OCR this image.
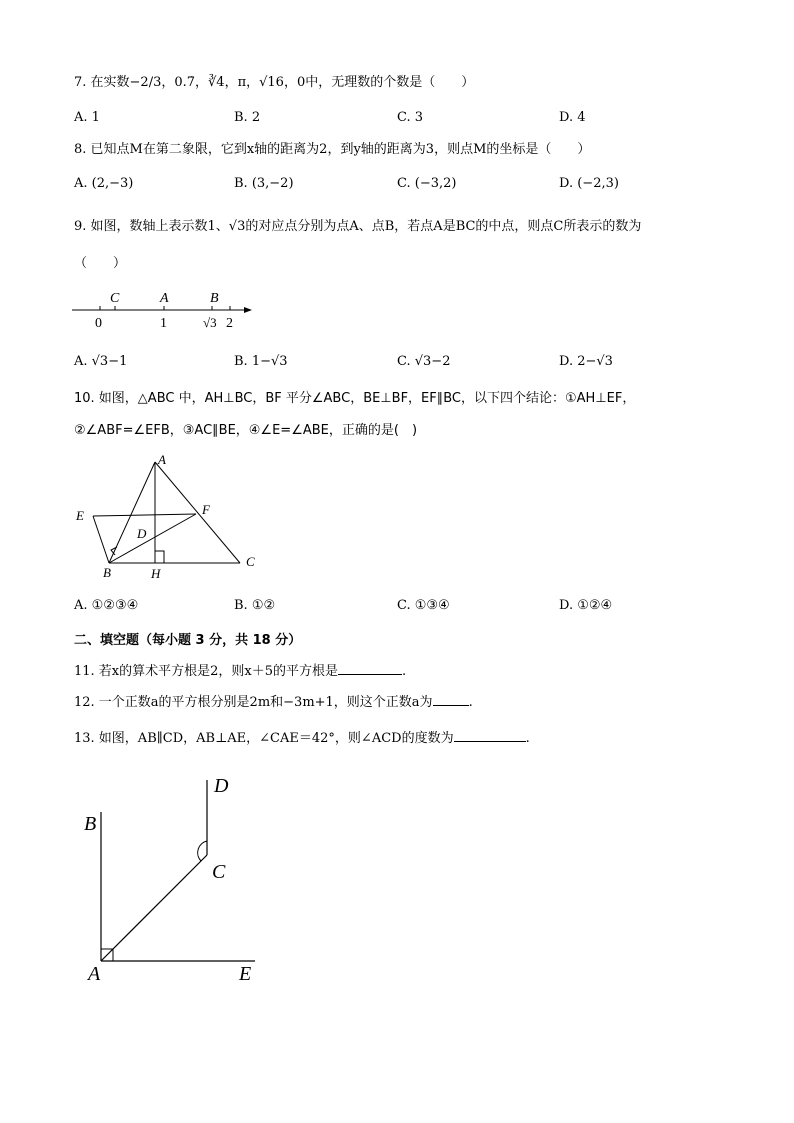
7. 在实数−2/3，0.7̇，∛4，π，√16，0中，无理数的个数是（　　）
A. 1	B. 2	C. 3	D. 4
8. 已知点M在第二象限，它到x轴的距离为2，到y轴的距离为3，则点M的坐标是（　　）
A. (2,−3)	B. (3,−2)	C. (−3,2)	D. (−2,3)
9. 如图，数轴上表示数1、√3的对应点分别为点A、点B，若点A是BC的中点，则点C所表示的数为
（　　）
C	A	B
0	1	√3 2
A. √3−1	B. 1−√3	C. √3−2	D. 2−√3
10. 如图，△ABC 中，AH⊥BC，BF 平分∠ABC，BE⊥BF，EF∥BC，以下四个结论：①AH⊥EF，
②∠ABF=∠EFB，③AC∥BE，④∠E=∠ABE，正确的是(　)
A
E	F
D
B	H
C
A. ①②③④	B. ①②	C. ①③④	D. ①②④
二、填空题（每小题 3 分，共 18 分）
11. 若x的算术平方根是2，则x＋5的平方根是	.
12. 一个正数a的平方根分别是2m和−3m+1，则这个正数a为	.
13. 如图，AB∥CD，AB⊥AE，∠CAE＝42°，则∠ACD的度数为	.
D
B
C
A	E
